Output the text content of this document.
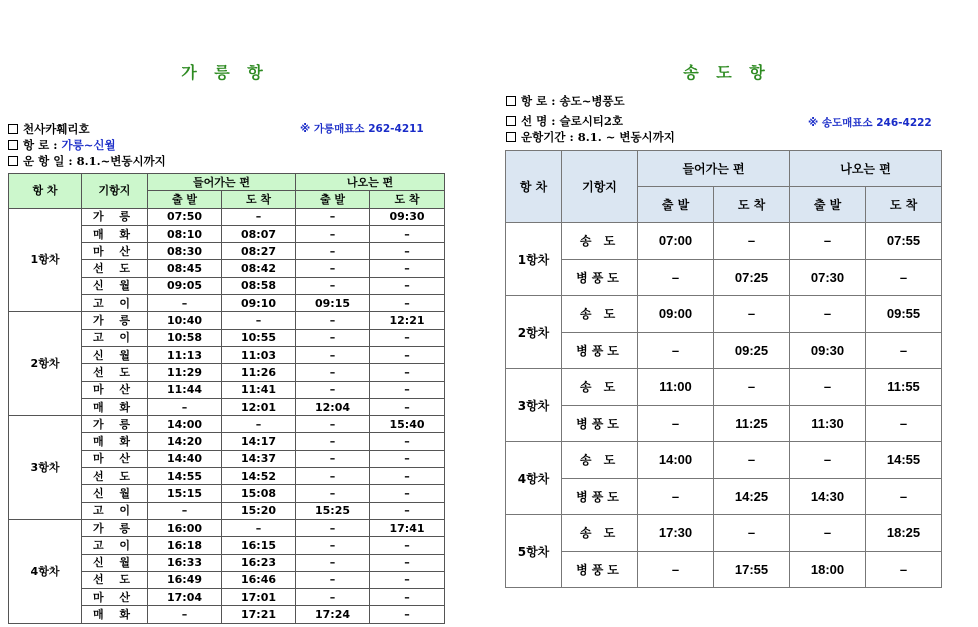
가 릉 항
천사카훼리호	※ 가릉매표소 262-4211
항 로 : 가릉~신월
운 항 일 : 8.1.~변동시까지
항 차	기항지	들어가는 편		나오는 편	
		출 발	도 착	출 발	도 착
1항차	가 릉	07:50	–	–	09:30
	매 화	08:10	08:07	–	–
	마 산	08:30	08:27	–	–
	선 도	08:45	08:42	–	–
	신 월	09:05	08:58	–	–
	고 이	–	09:10	09:15	–
2항차	가 릉	10:40	–	–	12:21
	고 이	10:58	10:55	–	–
	신 월	11:13	11:03	–	–
	선 도	11:29	11:26	–	–
	마 산	11:44	11:41	–	–
	매 화	–	12:01	12:04	–
3항차	가 릉	14:00	–	–	15:40
	매 화	14:20	14:17	–	–
	마 산	14:40	14:37	–	–
	선 도	14:55	14:52	–	–
	신 월	15:15	15:08	–	–
	고 이	–	15:20	15:25	–
4항차	가 릉	16:00	–	–	17:41
	고 이	16:18	16:15	–	–
	신 월	16:33	16:23	–	–
	선 도	16:49	16:46	–	–
	마 산	17:04	17:01	–	–
	매 화	–	17:21	17:24	–
송 도 항
항 로 : 송도~병풍도
선 명 : 슬로시티2호	※ 송도매표소 246-4222
운항기간 : 8.1. ~ 변동시까지
항 차	기항지	들어가는 편		나오는 편	
		출 발	도 착	출 발	도 착
1항차	송 도	07:00	–	–	07:55
	병풍도	–	07:25	07:30	–
2항차	송 도	09:00	–	–	09:55
	병풍도	–	09:25	09:30	–
3항차	송 도	11:00	–	–	11:55
	병풍도	–	11:25	11:30	–
4항차	송 도	14:00	–	–	14:55
	병풍도	–	14:25	14:30	–
5항차	송 도	17:30	–	–	18:25
	병풍도	–	17:55	18:00	–
